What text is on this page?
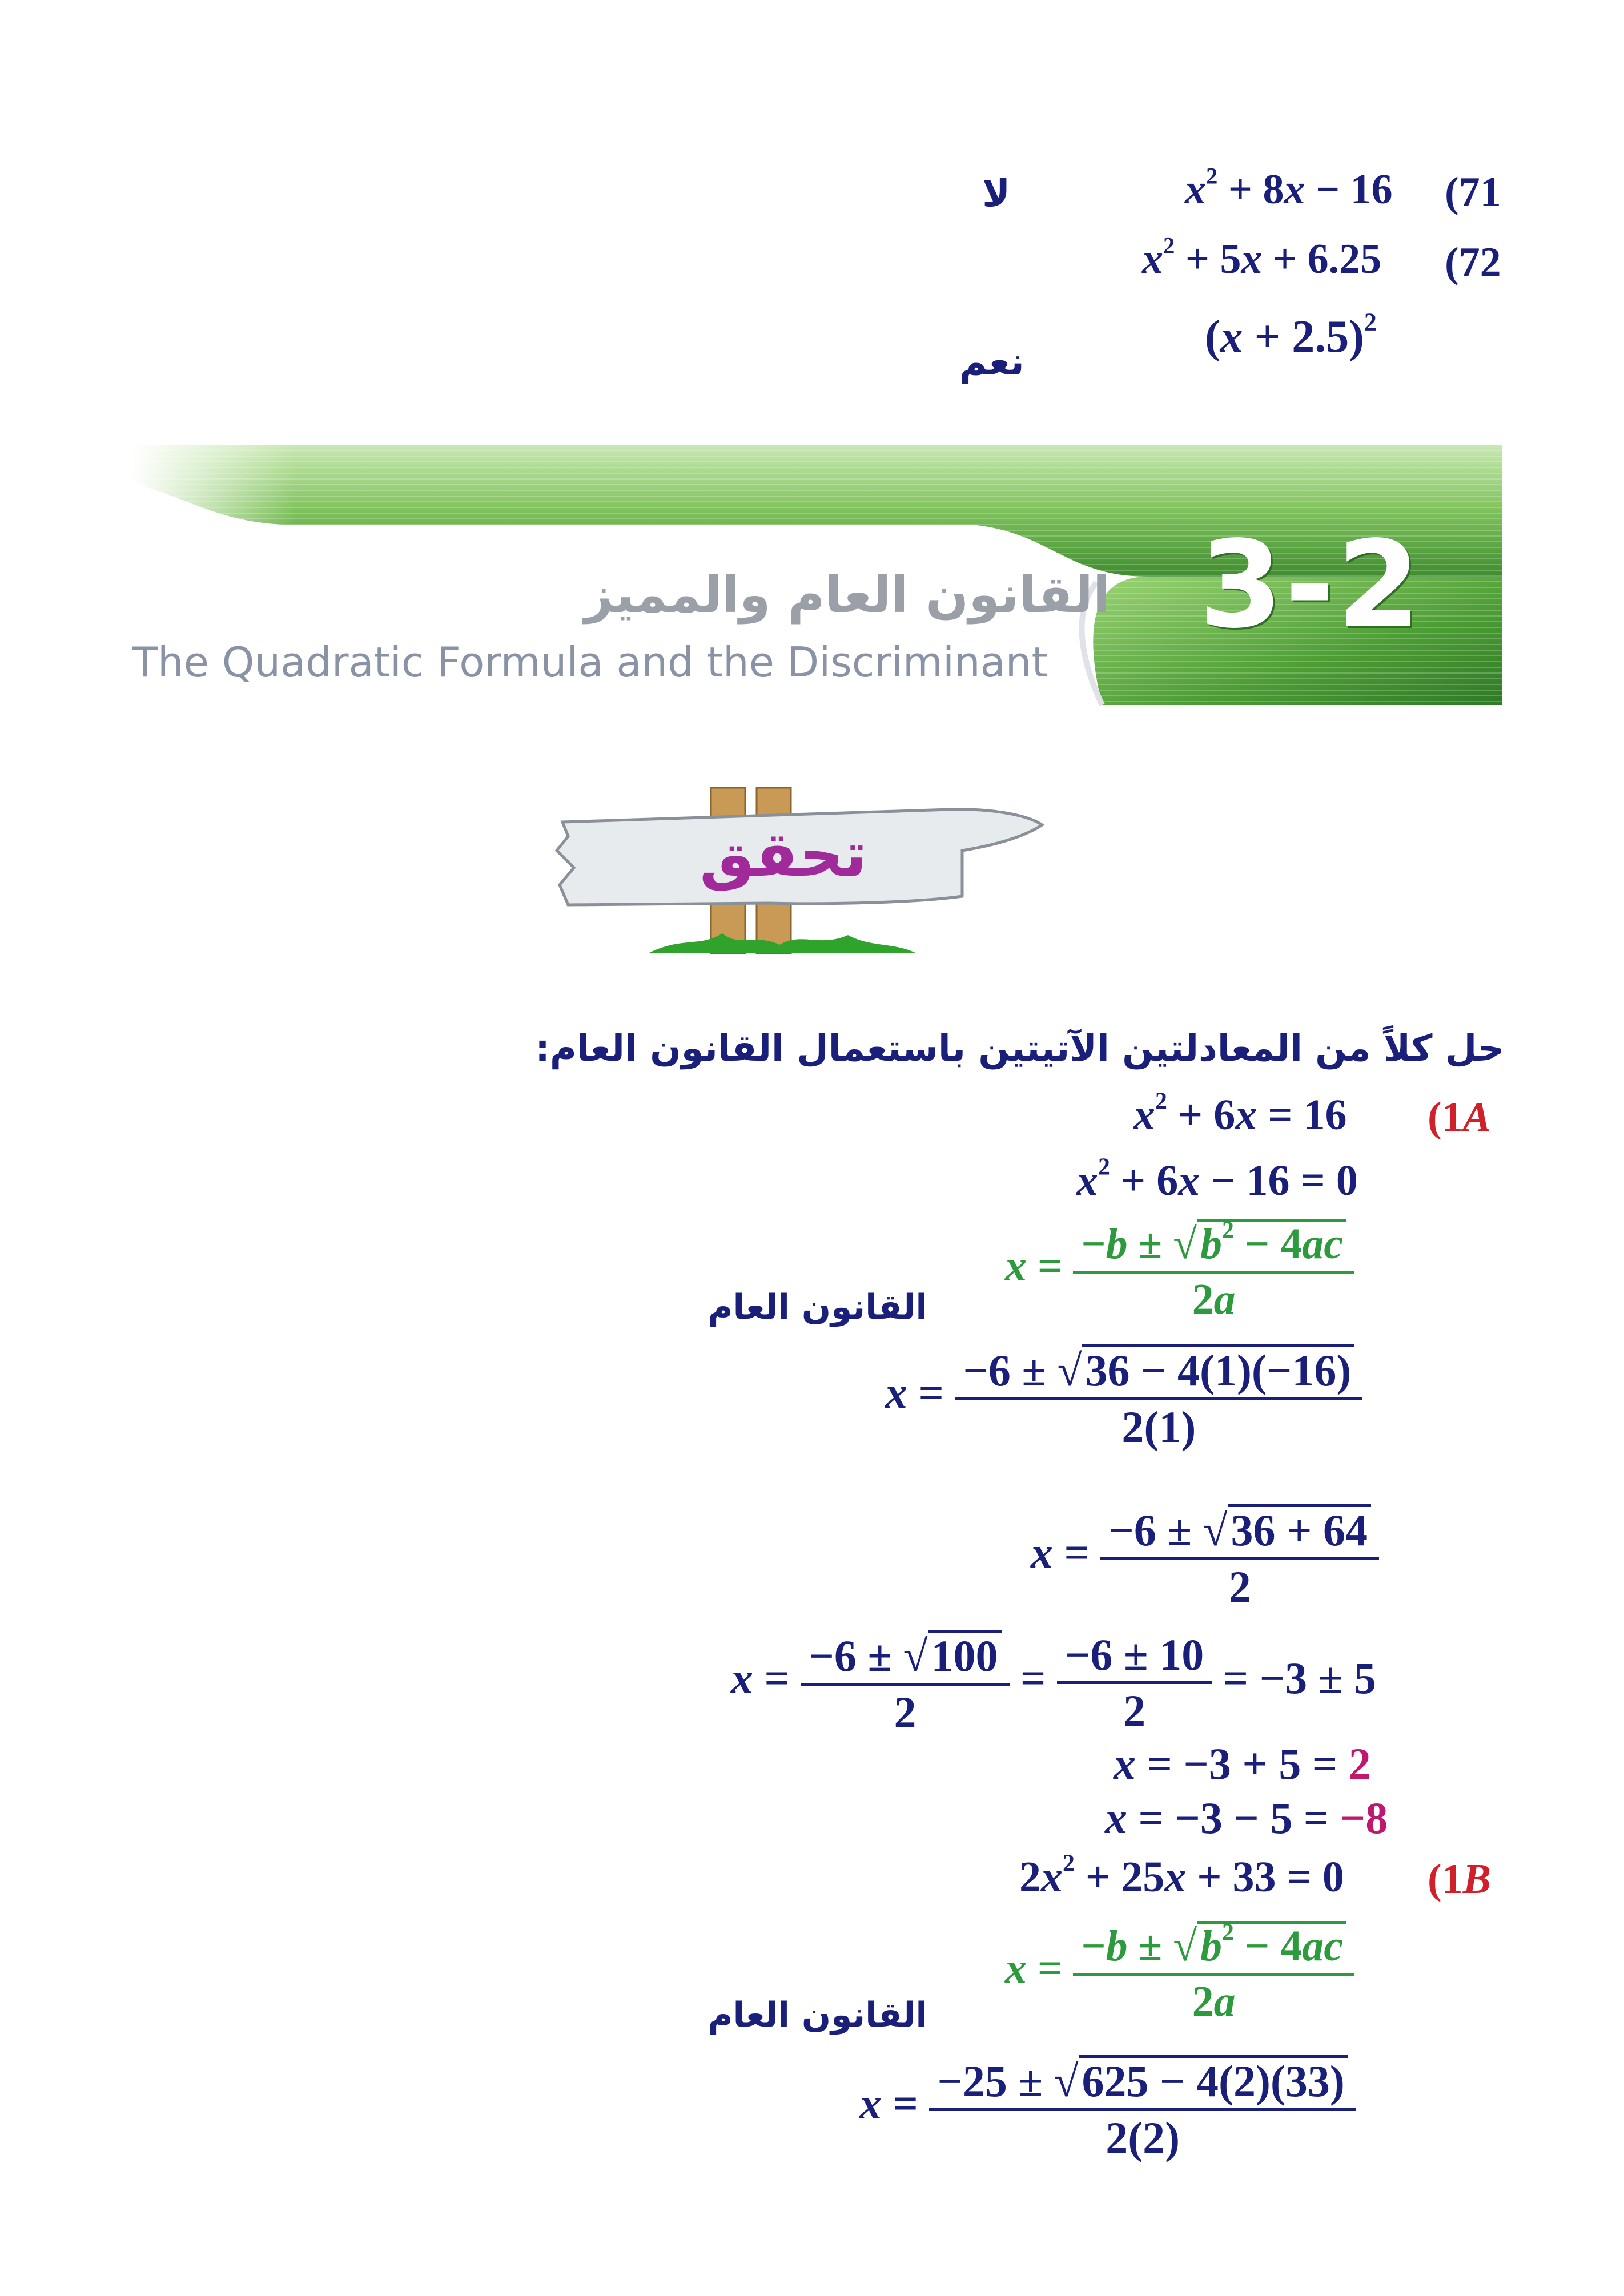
(71
$x^2 + 8x - 16$
لا
(72
$x^2 + 5x + 6.25$
$(x + 2.5)^2$
نعم
3-2
القانون العام والمميز
The Quadratic Formula and the Discriminant
تحقق
حل كلاً من المعادلتين الآتيتين باستعمال القانون العام:
(1A
$x^2 + 6x = 16$
$x^2 + 6x - 16 = 0$
$x = \frac{-b \pm √b^2 - 4ac}{2a}$
القانون العام
$x = \frac{-6 \pm √36 - 4(1)(-16)}{2(1)}$
$x = \frac{-6 \pm √36 + 64}{2}$
$x = \frac{-6 \pm √100}{2} = \frac{-6 \pm 10}{2} = -3 \pm 5$
x = −3 + 5 = 2
x = −3 − 5 = −8
(1B
$2x^2 + 25x + 33 = 0$
$x = \frac{-b \pm √b^2 - 4ac}{2a}$
القانون العام
$x = \frac{-25 \pm √625 - 4(2)(33)}{2(2)}$
